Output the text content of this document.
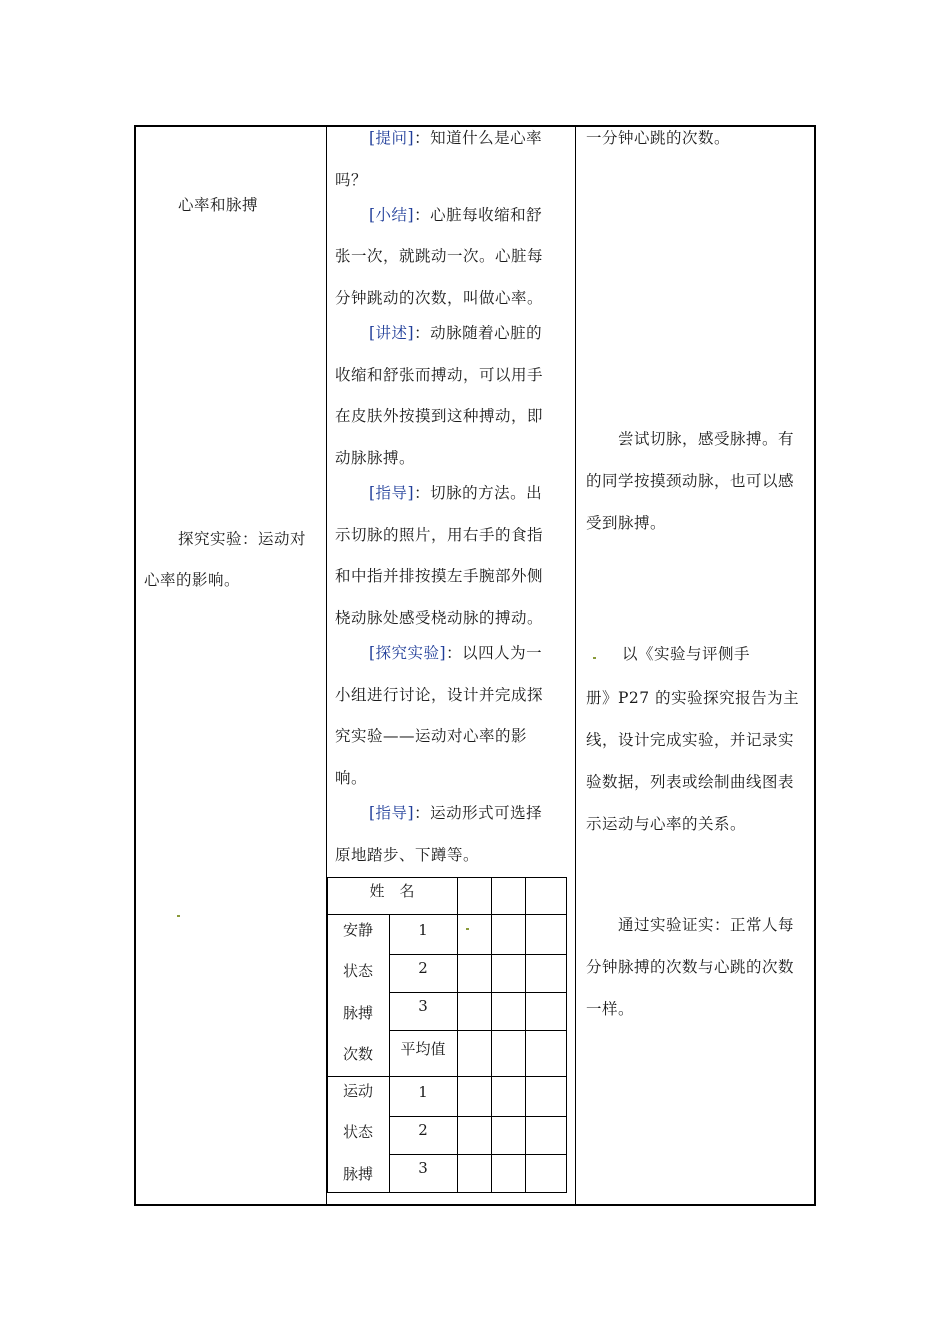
心率和脉搏
探究实验：运动对
心率的影响。
[提问]：知道什么是心率
吗？
[小结]：心脏每收缩和舒
张一次，就跳动一次。心脏每
分钟跳动的次数，叫做心率。
[讲述]：动脉随着心脏的
收缩和舒张而搏动，可以用手
在皮肤外按摸到这种搏动，即
动脉脉搏。
[指导]：切脉的方法。出
示切脉的照片，用右手的食指
和中指并排按摸左手腕部外侧
桡动脉处感受桡动脉的搏动。
[探究实验]：以四人为一
小组进行讨论，设计并完成探
究实验——运动对心率的影
响。
[指导]：运动形式可选择
原地踏步、下蹲等。
姓　名
安静
状态
脉搏
次数
1
2
3
平均值
运动
状态
脉搏
1
2
3
一分钟心跳的次数。
尝试切脉，感受脉搏。有
的同学按摸颈动脉，也可以感
受到脉搏。
以《实验与评侧手
册》P27 的实验探究报告为主
线，设计完成实验，并记录实
验数据，列表或绘制曲线图表
示运动与心率的关系。
通过实验证实：正常人每
分钟脉搏的次数与心跳的次数
一样。
